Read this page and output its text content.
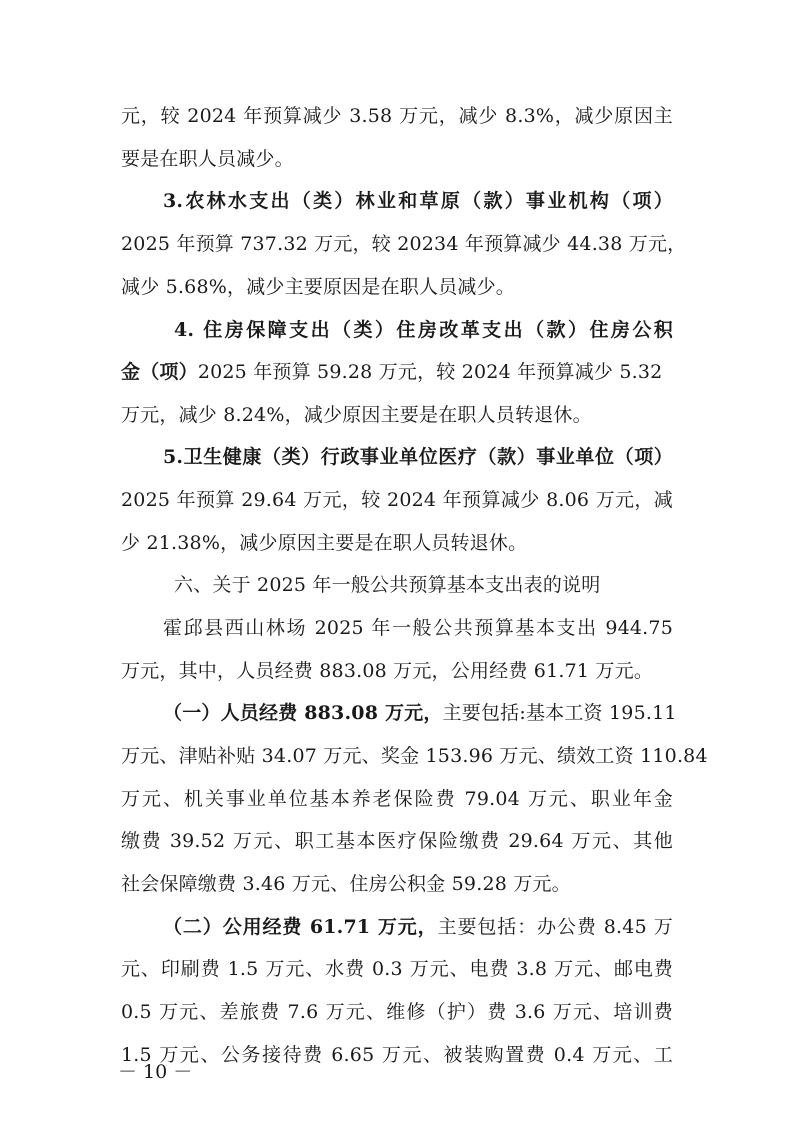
元，较 2024 年预算减少 3.58 万元，减少 8.3%，减少原因主
要是在职人员减少。
3.农林水支出（类）林业和草原（款）事业机构（项）
2025 年预算 737.32 万元，较 20234 年预算减少 44.38 万元，
减少 5.68%，减少主要原因是在职人员减少。
4. 住房保障支出（类）住房改革支出（款）住房公积
金（项）2025 年预算 59.28 万元，较 2024 年预算减少 5.32
万元，减少 8.24%，减少原因主要是在职人员转退休。
5.卫生健康（类）行政事业单位医疗（款）事业单位（项）
2025 年预算 29.64 万元，较 2024 年预算减少 8.06 万元，减
少 21.38%，减少原因主要是在职人员转退休。
六、关于 2025 年一般公共预算基本支出表的说明
霍邱县西山林场 2025 年一般公共预算基本支出 944.75
万元，其中，人员经费 883.08 万元，公用经费 61.71 万元。
（一）人员经费 883.08 万元，主要包括:基本工资 195.11
万元、津贴补贴 34.07 万元、奖金 153.96 万元、绩效工资 110.84
万元、机关事业单位基本养老保险费 79.04 万元、职业年金
缴费 39.52 万元、职工基本医疗保险缴费 29.64 万元、其他
社会保障缴费 3.46 万元、住房公积金 59.28 万元。
（二）公用经费 61.71 万元，主要包括：办公费 8.45 万
元、印刷费 1.5 万元、水费 0.3 万元、电费 3.8 万元、邮电费
0.5 万元、差旅费 7.6 万元、维修（护）费 3.6 万元、培训费
1.5 万元、公务接待费 6.65 万元、被装购置费 0.4 万元、工
－ 10 －
